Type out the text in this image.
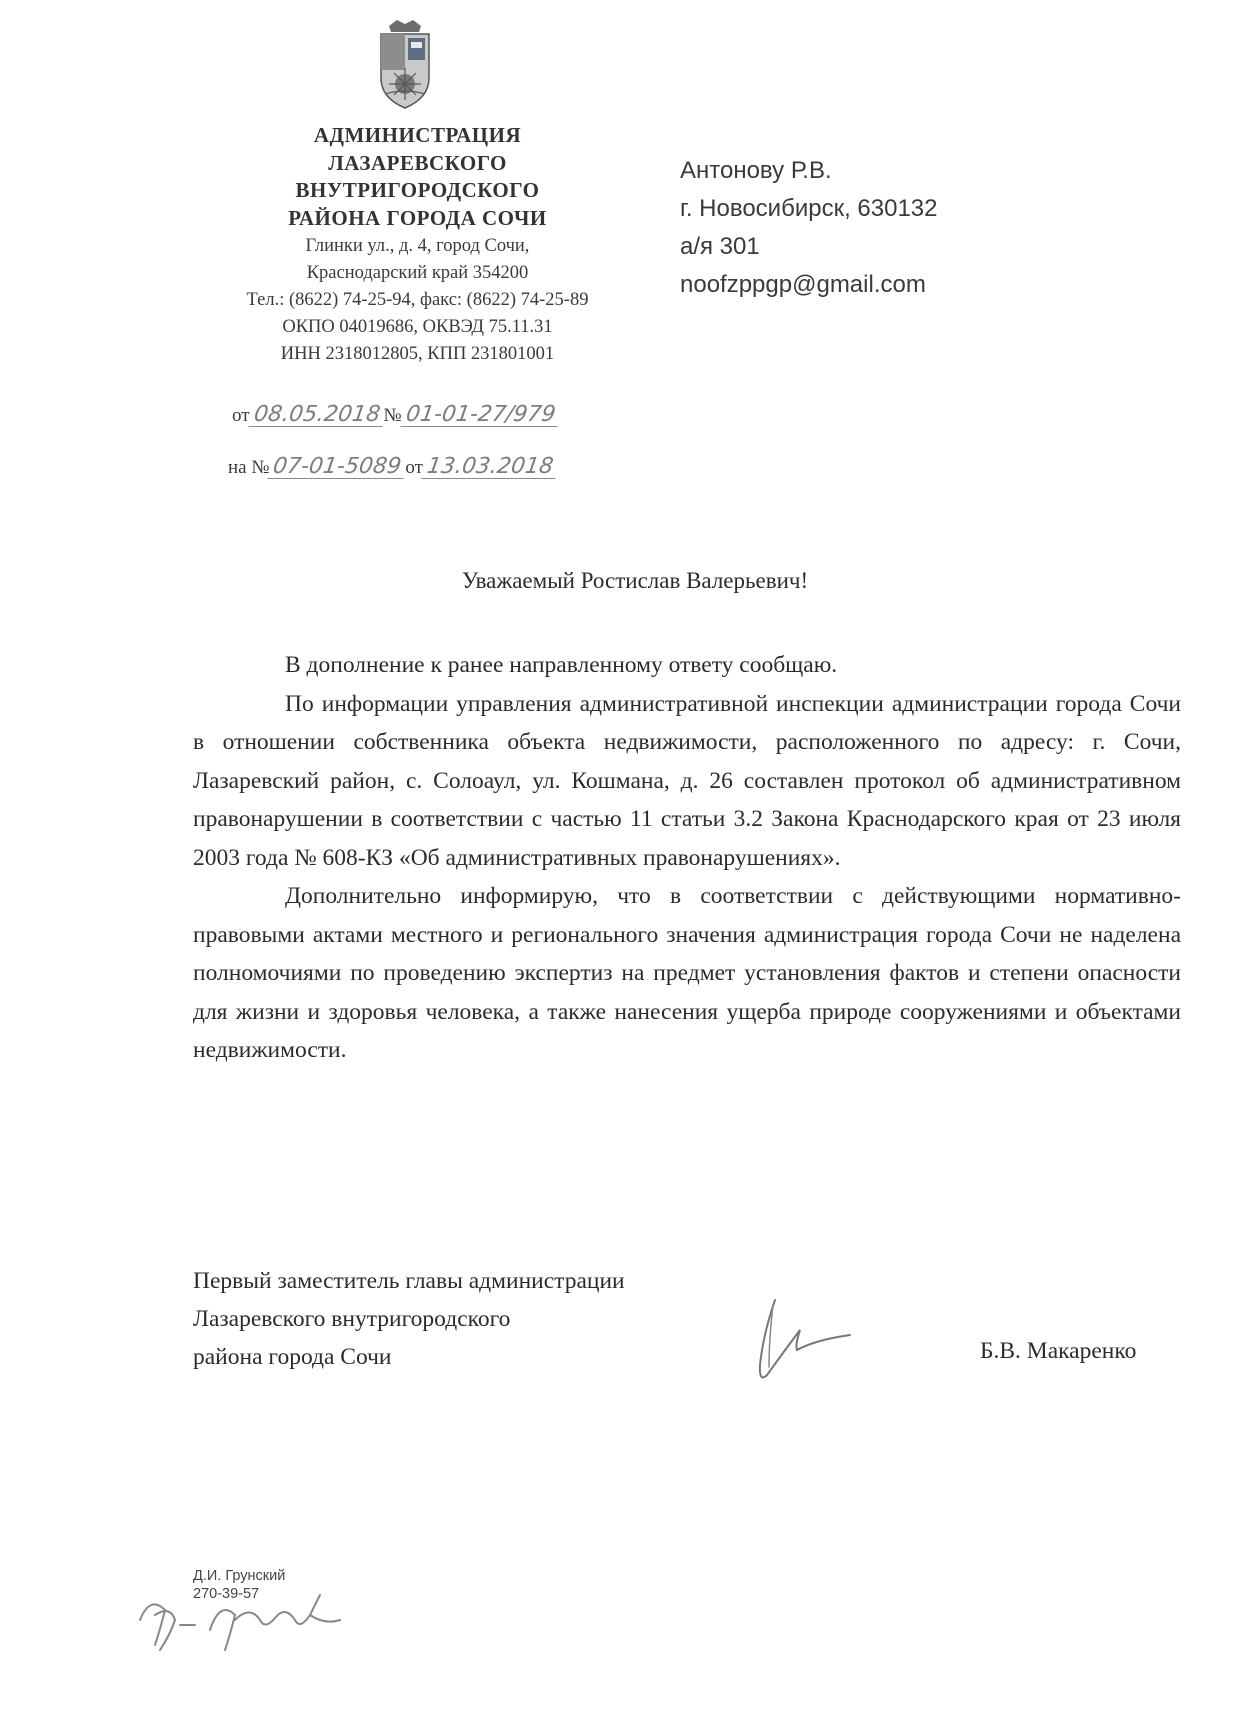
АДМИНИСТРАЦИЯ
ЛАЗАРЕВСКОГО
ВНУТРИГОРОДСКОГО
РАЙОНА ГОРОДА СОЧИ
Глинки ул., д. 4, город Сочи,
Краснодарский край 354200
Тел.: (8622) 74-25-94, факс: (8622) 74-25-89
ОКПО 04019686, ОКВЭД 75.11.31
ИНН 2318012805, КПП 231801001
от 08.05.2018 № 01-01-27/979
на № 07-01-5089 от 13.03.2018
Антонову Р.В.
г. Новосибирск, 630132
а/я 301
noofzppgp@gmail.com
Уважаемый Ростислав Валерьевич!

В дополнение к ранее направленному ответу сообщаю.

По информации управления административной инспекции администрации города Сочи в отношении собственника объекта недвижимости, расположенного по адресу: г. Сочи, Лазаревский район, с. Солоаул, ул. Кошмана, д. 26 составлен протокол об административном правонарушении в соответствии с частью 11 статьи 3.2 Закона Краснодарского края от 23 июля 2003 года № 608-КЗ «Об административных правонарушениях».

Дополнительно информирую, что в соответствии с действующими нормативно-правовыми актами местного и регионального значения администрация города Сочи не наделена полномочиями по проведению экспертиз на предмет установления фактов и степени опасности для жизни и здоровья человека, а также нанесения ущерба природе сооружениями и объектами недвижимости.

Первый заместитель главы администрации
Лазаревского внутригородского
района города Сочи	Б.В. Макаренко
Д.И. Грунский
270-39-57
